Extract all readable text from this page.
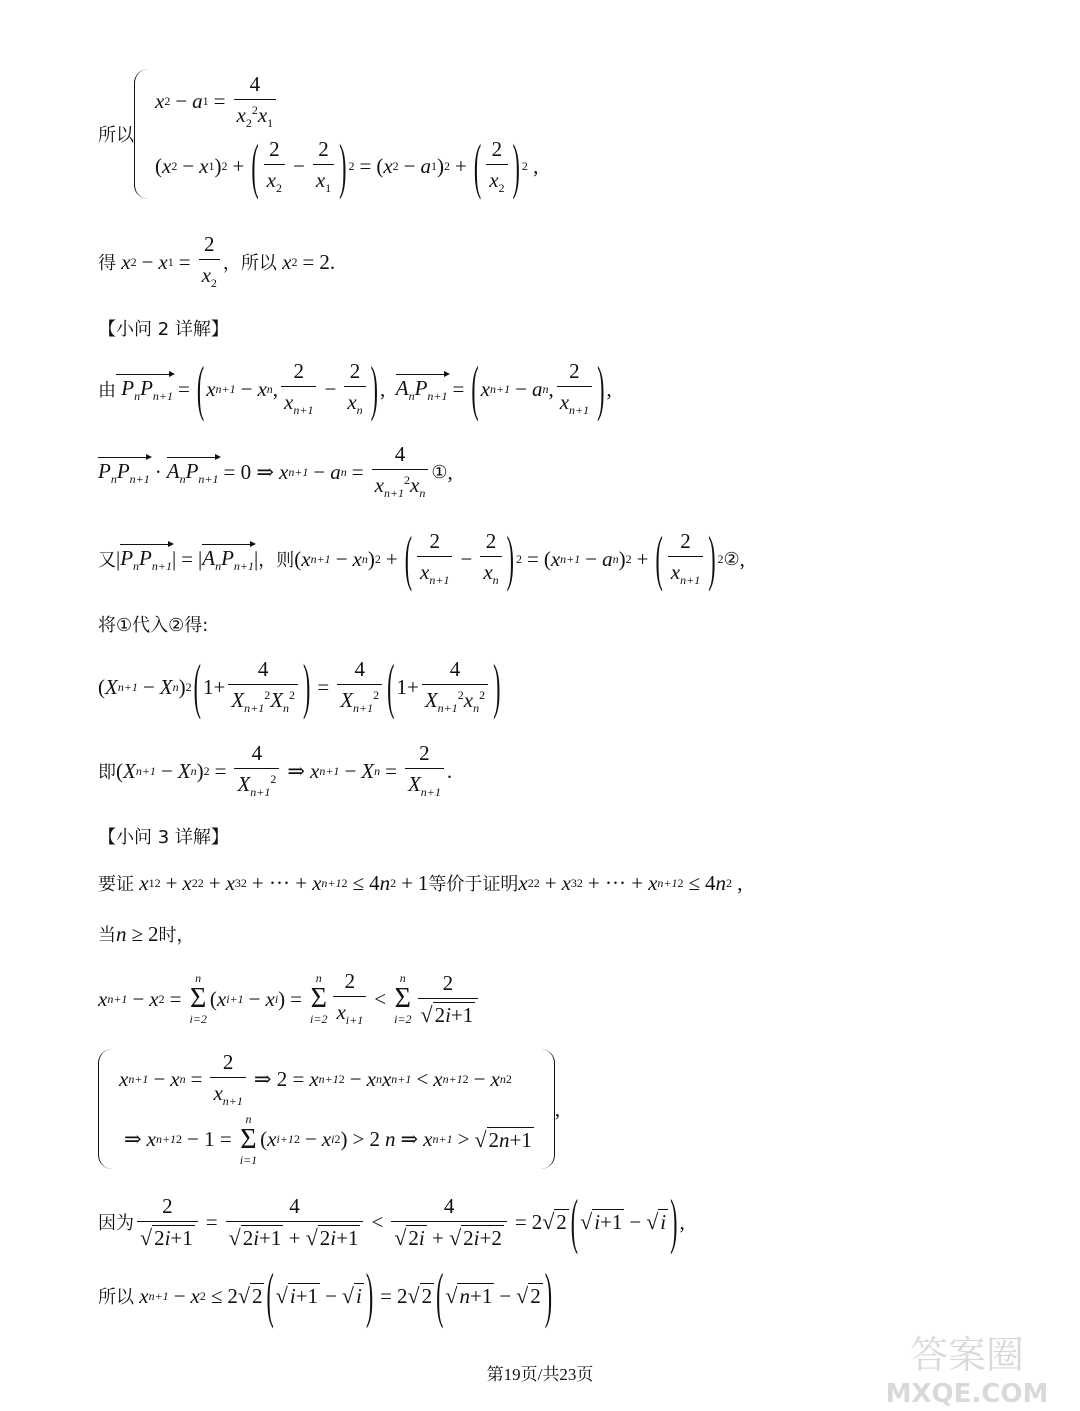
所以
x 2 − a $1 = \frac{4}{x_2^2x_1}$
( x 2 − x 1 ) 2 + ( $\frac{2}{x_2} - \frac{2}{x_1}$ ) 2 = ( x 2 − a 1 ) 2 + ( $\frac{2}{x_2}$ ) 2 ,
得 x 2 − x $1 = \frac{2}{x_2}$ ，所以 x 2 = 2.
【小问 2 详解】
由 $P_nP_{n+1}$ = ( x n+1 − x n , $\frac{2}{x_{n+1}} - \frac{2}{x_n}$ ) , $A_nP_{n+1}$ = ( x n+1 − a n , $\frac{2}{x_{n+1}}$ ) ,
$P_nP_{n+1} \cdot A_nP_{n+1} = 0$ ⇒ x n+1 − a $n = \frac{4}{x_{n+1}^2x_n}$ ① ,
又 | $P_nP_{n+1}$ | = | $A_nP_{n+1}$ | ，则 ( x n+1 − x n ) 2 + ( $\frac{2}{x_{n+1}} - \frac{2}{x_n}$ ) 2 = ( x n+1 − a n ) 2 + ( $\frac{2}{x_{n+1}}$ ) 2 ② ,
将①代入②得:
( X n+1 − X n ) 2 ( $1+ \frac{4}{X_{n+1}^2X_n^2}$ ) = $\frac{4}{X_{n+1}^2}$ ( $1+ \frac{4}{X_{n+1}^2x_n^2}$ )
即 ( X n+1 − X n ) $2 = \frac{4}{X_{n+1}^2}$ ⇒ x n+1 − X $n = \frac{2}{X_{n+1}}$ .
【小问 3 详解】
要证 x 1 2 + x 2 2 + x 3 2 + ··· + x n+1 2 ≤ 4 n 2 + 1 等价于证明 x 2 2 + x 3 2 + ··· + x n+1 2 ≤ 4 n 2 ,
当 n ≥ 2 时，
x n+1 − x 2 =
n
Σ
i=2
( x i+1 − x i ) =
n
Σ
$i=2 \frac{2}{x_{i+1}}$ <
n
Σ
$i=2 \frac{2}{√ 2i+1}$
x n+1 − x $n = \frac{2}{x_{n+1}}$ ⇒ 2 = x n+1 2 − x n x n+1 < x n+1 2 − x n 2
⇒ x n+1 2 − 1 =
n
Σ
i=1
( x i+1 2 − x i 2 ) > 2 n ⇒ x n+1 > √ 2n+1
,
因为 $\frac{2}{√ 2i+1} = \frac{4}{√ 2i+1 + √ 2i+1} < \frac{4}{√ 2i + √ 2i+2} = 2$ √ 2 ( √ i+1 − √ i ) ,
所以 x n+1 − x 2 ≤ 2 √ 2 ( √ i+1 − √ i ) = 2 √ 2 ( √ n+1 − √ 2 )
第19页/共23页	答案圈
MXQE.COM
